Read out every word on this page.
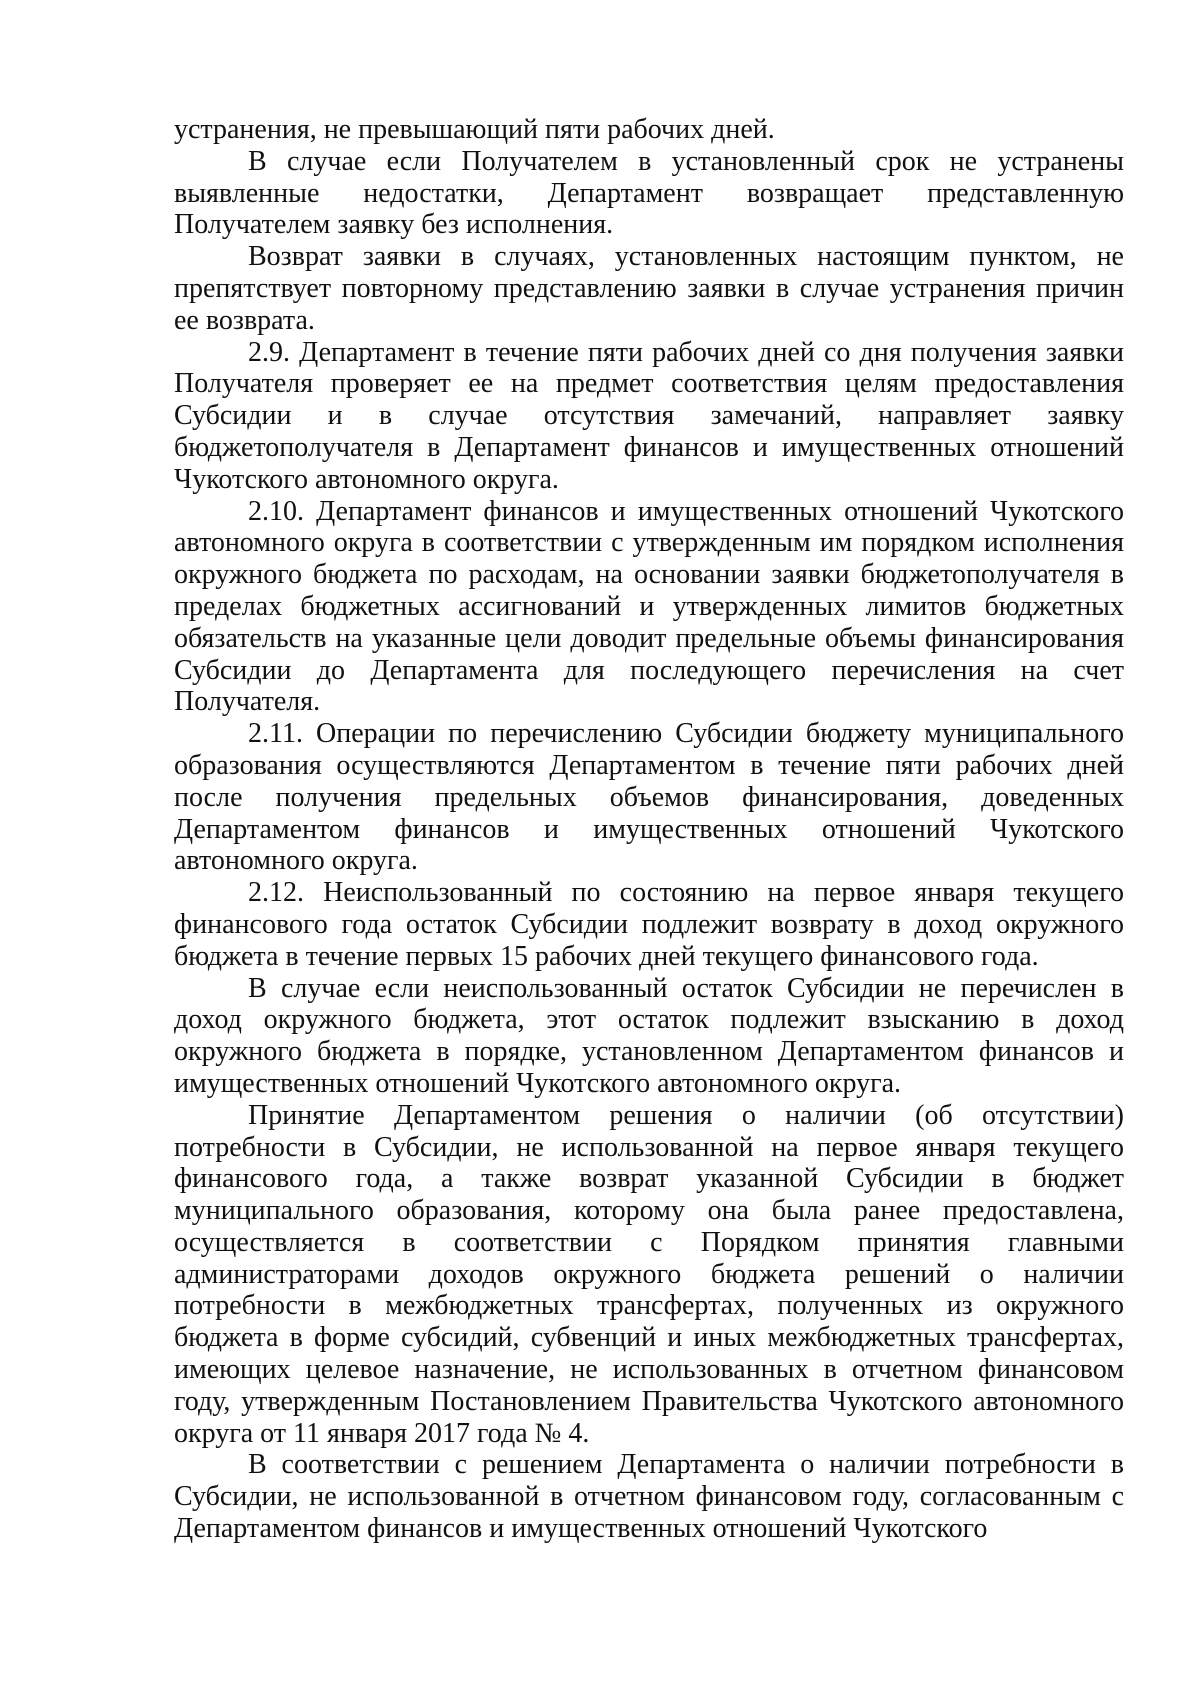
устранения, не превышающий пяти рабочих дней.

В случае если Получателем в установленный срок не устранены выявленные недостатки, Департамент возвращает представленную Получателем заявку без исполнения.

Возврат заявки в случаях, установленных настоящим пунктом, не препятствует повторному представлению заявки в случае устранения причин ее возврата.

2.9. Департамент в течение пяти рабочих дней со дня получения заявки Получателя проверяет ее на предмет соответствия целям предоставления Субсидии и в случае отсутствия замечаний, направляет заявку бюджетополучателя в Департамент финансов и имущественных отношений Чукотского автономного округа.

2.10. Департамент финансов и имущественных отношений Чукотского автономного округа в соответствии с утвержденным им порядком исполнения окружного бюджета по расходам, на основании заявки бюджетополучателя в пределах бюджетных ассигнований и утвержденных лимитов бюджетных обязательств на указанные цели доводит предельные объемы финансирования Субсидии до Департамента для последующего перечисления на счет Получателя.

2.11. Операции по перечислению Субсидии бюджету муниципального образования осуществляются Департаментом в течение пяти рабочих дней после получения предельных объемов финансирования, доведенных Департаментом финансов и имущественных отношений Чукотского автономного округа.

2.12. Неиспользованный по состоянию на первое января текущего финансового года остаток Субсидии подлежит возврату в доход окружного бюджета в течение первых 15 рабочих дней текущего финансового года.

В случае если неиспользованный остаток Субсидии не перечислен в доход окружного бюджета, этот остаток подлежит взысканию в доход окружного бюджета в порядке, установленном Департаментом финансов и имущественных отношений Чукотского автономного округа.

Принятие Департаментом решения о наличии (об отсутствии) потребности в Субсидии, не использованной на первое января текущего финансового года, а также возврат указанной Субсидии в бюджет муниципального образования, которому она была ранее предоставлена, осуществляется в соответствии с Порядком принятия главными администраторами доходов окружного бюджета решений о наличии потребности в межбюджетных трансфертах, полученных из окружного бюджета в форме субсидий, субвенций и иных межбюджетных трансфертах, имеющих целевое назначение, не использованных в отчетном финансовом году, утвержденным Постановлением Правительства Чукотского автономного округа от 11 января 2017 года № 4.

В соответствии с решением Департамента о наличии потребности в Субсидии, не использованной в отчетном финансовом году, согласованным с Департаментом финансов и имущественных отношений Чукотского
